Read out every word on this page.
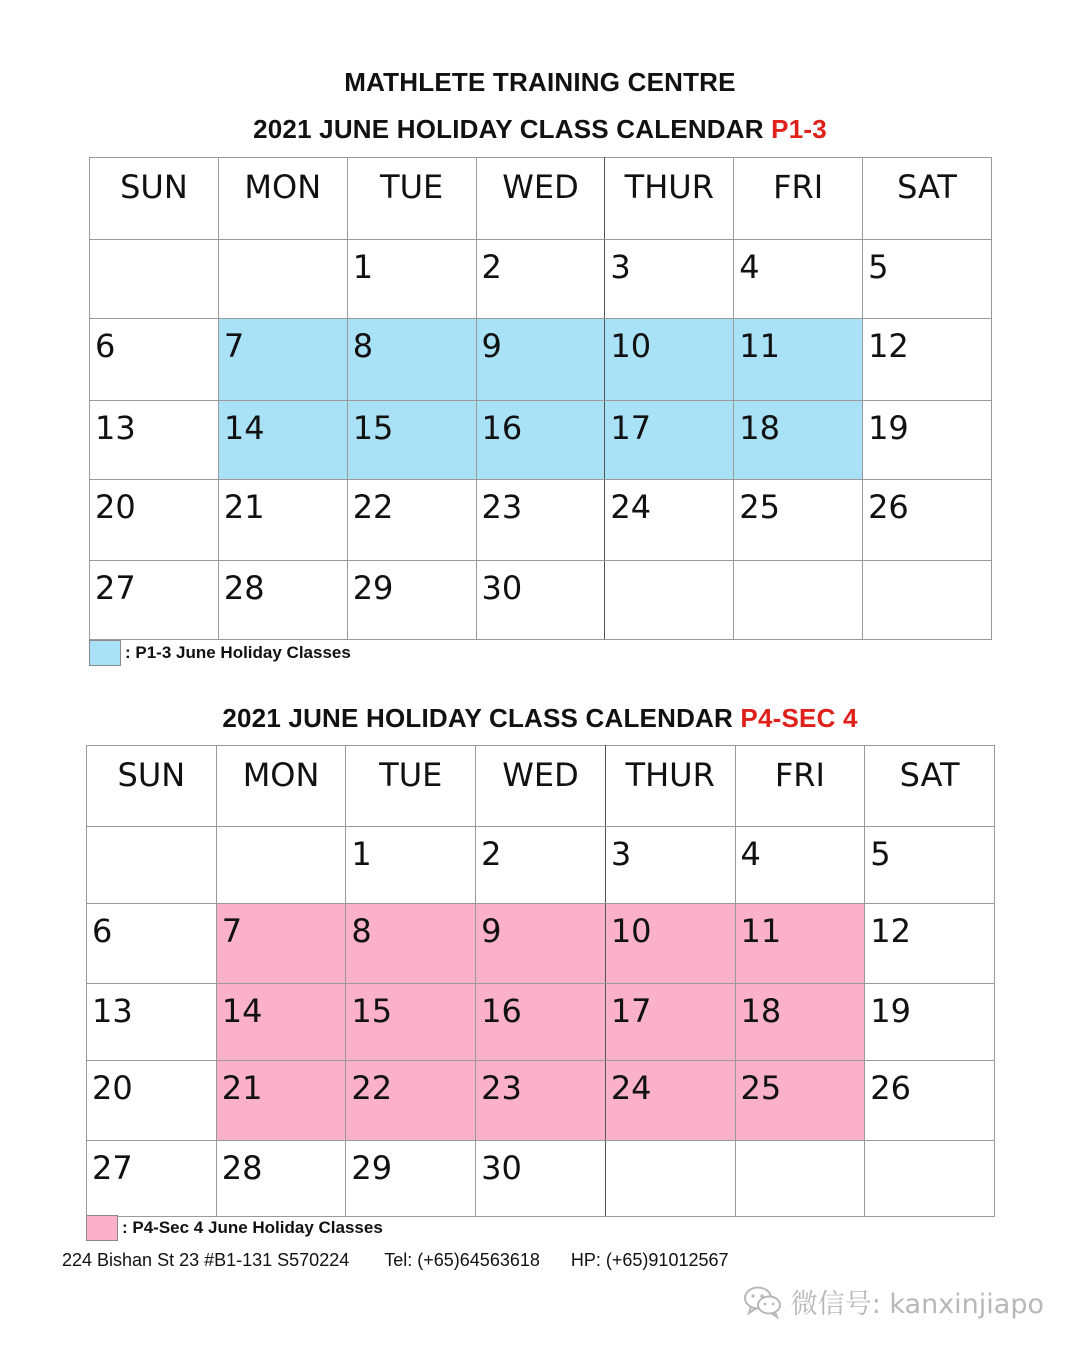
MATHLETE TRAINING CENTRE
2021 JUNE HOLIDAY CLASS CALENDAR P1-3
SUN	MON	TUE	WED	THUR	FRI	SAT
		1	2	3	4	5
6	7	8	9	10	11	12
13	14	15	16	17	18	19
20	21	22	23	24	25	26
27	28	29	30			
: P1-3 June Holiday Classes
2021 JUNE HOLIDAY CLASS CALENDAR P4-SEC 4
SUN	MON	TUE	WED	THUR	FRI	SAT
		1	2	3	4	5
6	7	8	9	10	11	12
13	14	15	16	17	18	19
20	21	22	23	24	25	26
27	28	29	30			
: P4-Sec 4 June Holiday Classes
224 Bishan St 23 #B1-131 S570224 Tel: (+65)64563618 HP: (+65)91012567
微信号: kanxinjiapo
